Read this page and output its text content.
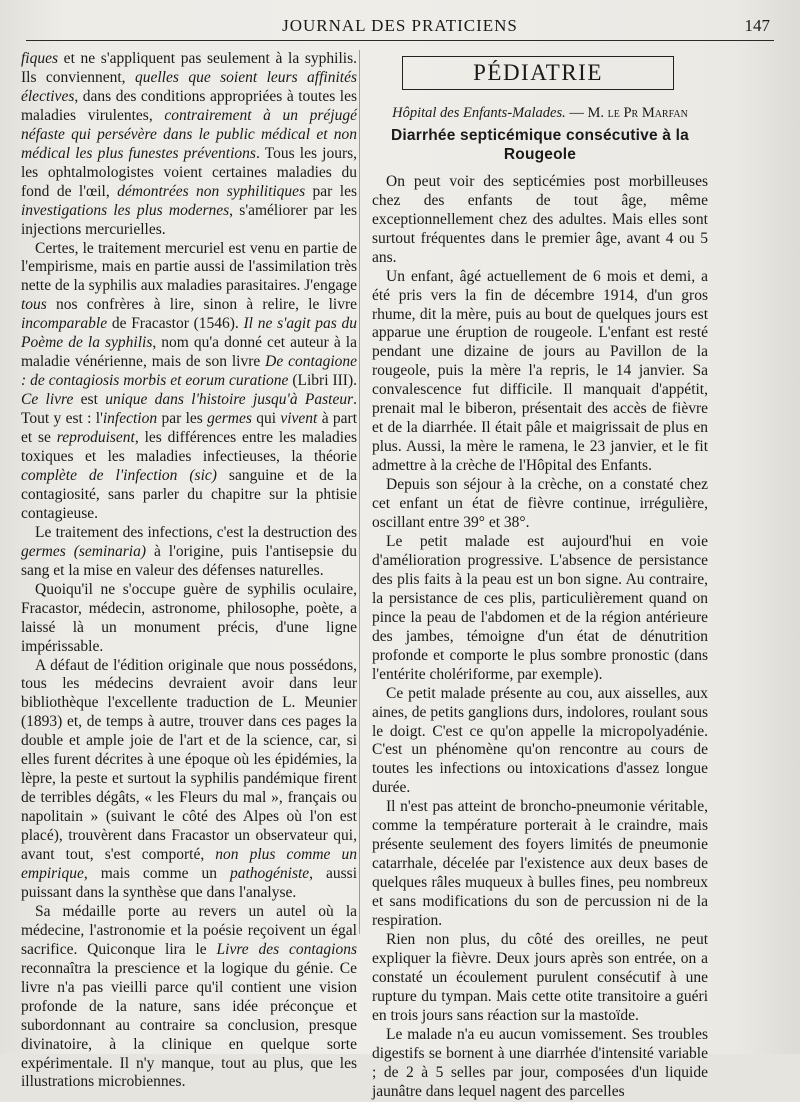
JOURNAL DES PRATICIENS	147

fiques et ne s'appliquent pas seulement à la syphilis. Ils conviennent, quelles que soient leurs affinités électives, dans des conditions appropriées à toutes les maladies virulentes, contrairement à un préjugé néfaste qui persévère dans le public médical et non médical les plus funestes préventions. Tous les jours, les ophtalmologistes voient certaines maladies du fond de l'œil, démontrées non syphilitiques par les investigations les plus modernes, s'améliorer par les injections mercurielles.

Certes, le traitement mercuriel est venu en partie de l'empirisme, mais en partie aussi de l'assimilation très nette de la syphilis aux maladies parasitaires. J'engage tous nos confrères à lire, sinon à relire, le livre incomparable de Fracastor (1546). Il ne s'agit pas du Poème de la syphilis, nom qu'a donné cet auteur à la maladie vénérienne, mais de son livre De contagione : de contagiosis morbis et eorum curatione (Libri III). Ce livre est unique dans l'histoire jusqu'à Pasteur. Tout y est : l'infection par les germes qui vivent à part et se reproduisent, les différences entre les maladies toxiques et les maladies infectieuses, la théorie complète de l'infection (sic) sanguine et de la contagiosité, sans parler du chapitre sur la phtisie contagieuse.

Le traitement des infections, c'est la destruction des germes (seminaria) à l'origine, puis l'antisepsie du sang et la mise en valeur des défenses naturelles.

Quoiqu'il ne s'occupe guère de syphilis oculaire, Fracastor, médecin, astronome, philosophe, poète, a laissé là un monument précis, d'une ligne impérissable.

A défaut de l'édition originale que nous possédons, tous les médecins devraient avoir dans leur bibliothèque l'excellente traduction de L. Meunier (1893) et, de temps à autre, trouver dans ces pages la double et ample joie de l'art et de la science, car, si elles furent décrites à une époque où les épidémies, la lèpre, la peste et surtout la syphilis pandémique firent de terribles dégâts, « les Fleurs du mal », français ou napolitain » (suivant le côté des Alpes où l'on est placé), trouvèrent dans Fracastor un observateur qui, avant tout, s'est comporté, non plus comme un empirique, mais comme un pathogéniste, aussi puissant dans la synthèse que dans l'analyse.

Sa médaille porte au revers un autel où la médecine, l'astronomie et la poésie reçoivent un égal sacrifice. Quiconque lira le Livre des contagions reconnaîtra la prescience et la logique du génie. Ce livre n'a pas vieilli parce qu'il contient une vision profonde de la nature, sans idée préconçue et subordonnant au contraire sa conclusion, presque divinatoire, à la clinique en quelque sorte expérimentale. Il n'y manque, tout au plus, que les illustrations microbiennes.

PÉDIATRIE
Hôpital des Enfants-Malades. — M. le Pr Marfan
Diarrhée septicémique consécutive à la Rougeole

On peut voir des septicémies post morbilleuses chez des enfants de tout âge, même exceptionnellement chez des adultes. Mais elles sont surtout fréquentes dans le premier âge, avant 4 ou 5 ans.

Un enfant, âgé actuellement de 6 mois et demi, a été pris vers la fin de décembre 1914, d'un gros rhume, dit la mère, puis au bout de quelques jours est apparue une éruption de rougeole. L'enfant est resté pendant une dizaine de jours au Pavillon de la rougeole, puis la mère l'a repris, le 14 janvier. Sa convalescence fut difficile. Il manquait d'appétit, prenait mal le biberon, présentait des accès de fièvre et de la diarrhée. Il était pâle et maigrissait de plus en plus. Aussi, la mère le ramena, le 23 janvier, et le fit admettre à la crèche de l'Hôpital des Enfants.

Depuis son séjour à la crèche, on a constaté chez cet enfant un état de fièvre continue, irrégulière, oscillant entre 39° et 38°.

Le petit malade est aujourd'hui en voie d'amélioration progressive. L'absence de persistance des plis faits à la peau est un bon signe. Au contraire, la persistance de ces plis, particulièrement quand on pince la peau de l'abdomen et de la région antérieure des jambes, témoigne d'un état de dénutrition profonde et comporte le plus sombre pronostic (dans l'entérite cholériforme, par exemple).

Ce petit malade présente au cou, aux aisselles, aux aines, de petits ganglions durs, indolores, roulant sous le doigt. C'est ce qu'on appelle la micropolyadénie. C'est un phénomène qu'on rencontre au cours de toutes les infections ou intoxications d'assez longue durée.

Il n'est pas atteint de broncho-pneumonie véritable, comme la température porterait à le craindre, mais présente seulement des foyers limités de pneumonie catarrhale, décelée par l'existence aux deux bases de quelques râles muqueux à bulles fines, peu nombreux et sans modifications du son de percussion ni de la respiration.

Rien non plus, du côté des oreilles, ne peut expliquer la fièvre. Deux jours après son entrée, on a constaté un écoulement purulent consécutif à une rupture du tympan. Mais cette otite transitoire a guéri en trois jours sans réaction sur la mastoïde.

Le malade n'a eu aucun vomissement. Ses troubles digestifs se bornent à une diarrhée d'intensité variable ; de 2 à 5 selles par jour, composées d'un liquide jaunâtre dans lequel nagent des parcelles
